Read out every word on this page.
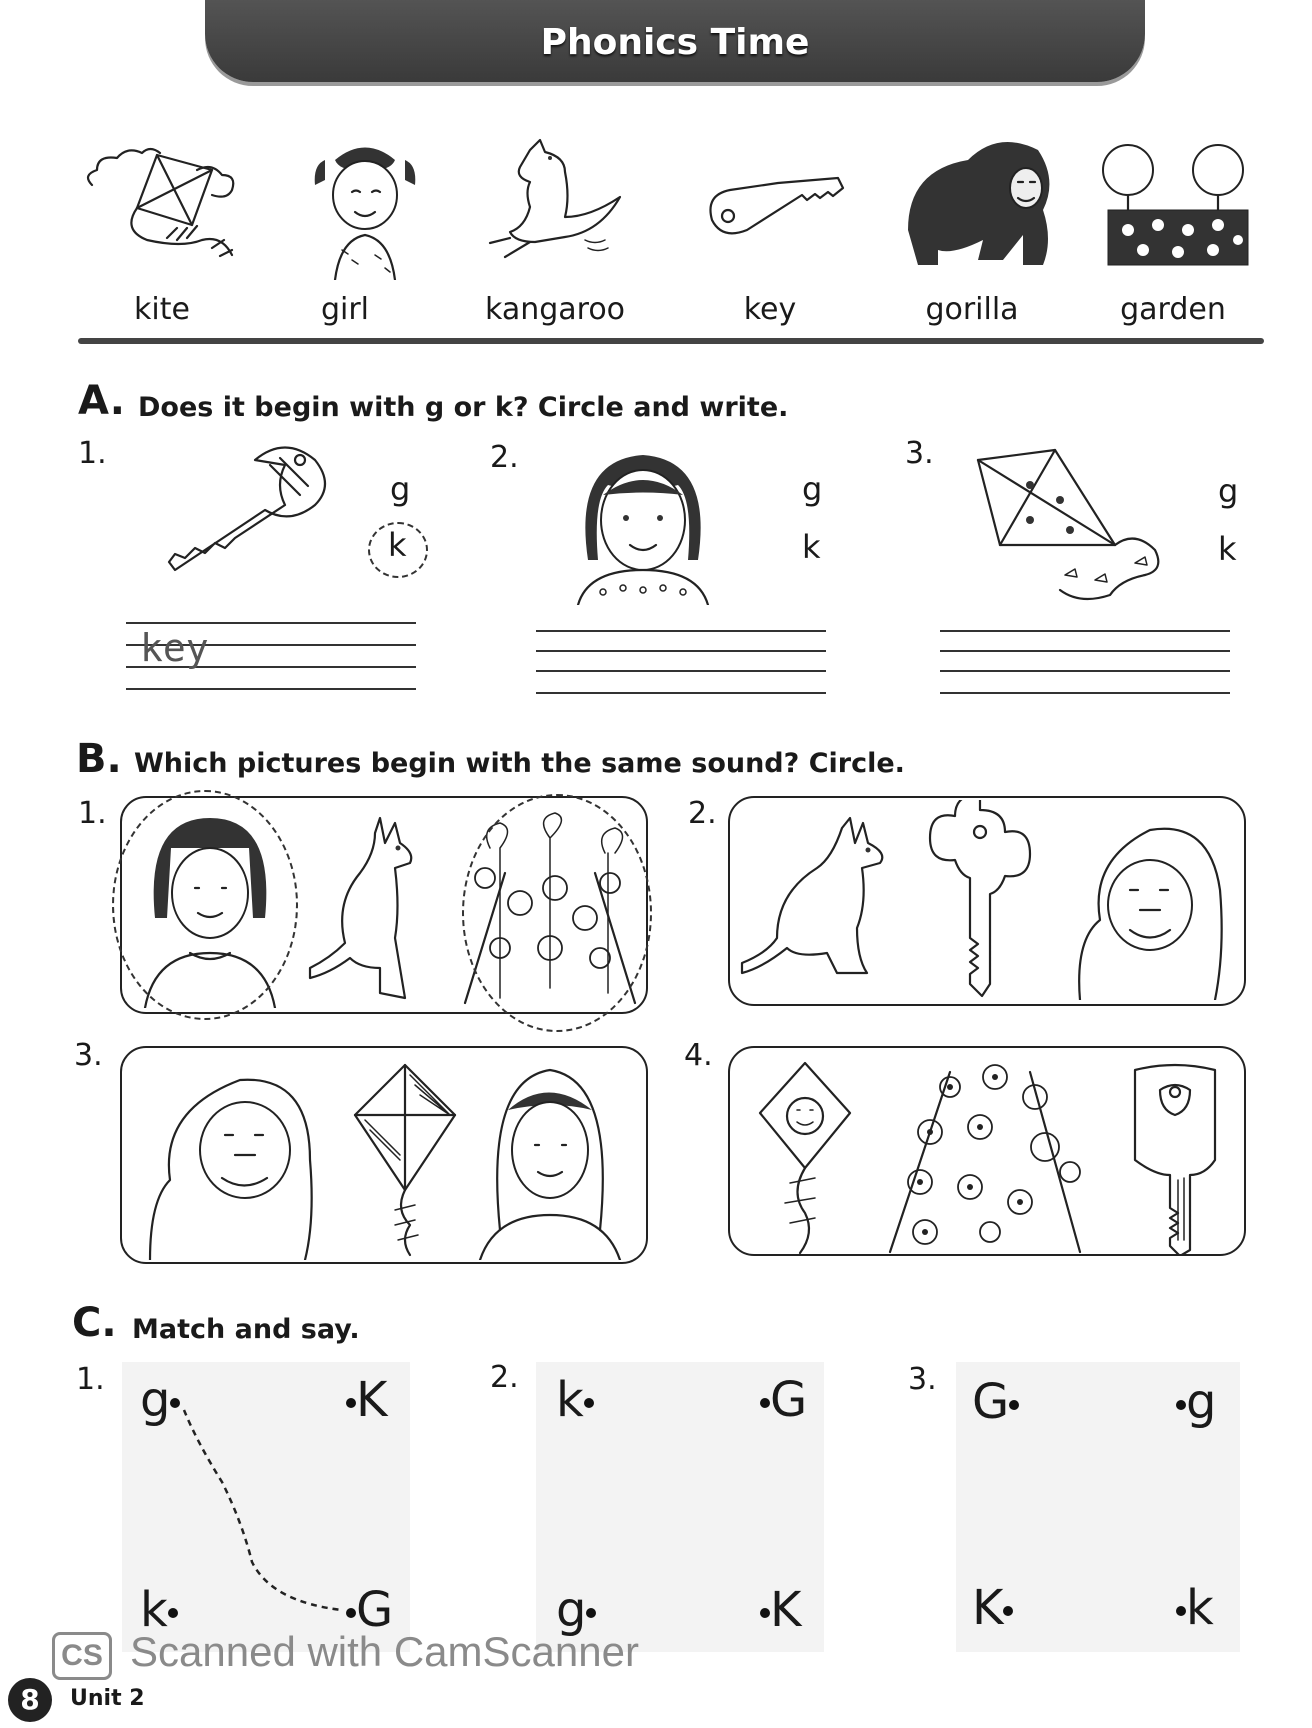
Phonics Time
kite	girl	kangaroo	key	gorilla	garden
A. Does it begin with g or k? Circle and write.
1.
g
k
key
2.
g
k
3.
g
k
B. Which pictures begin with the same sound? Circle.
1.	2.
3.	4.
C. Match and say.
1. g	K
k	G
2. k	G
g	K
3. G	g
K	k
CS Scanned with CamScanner
8	Unit 2
